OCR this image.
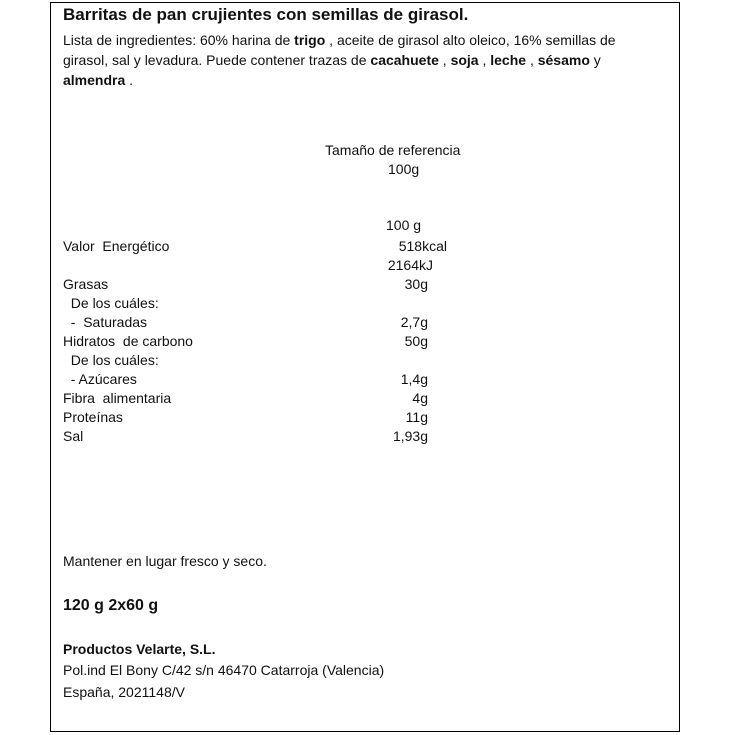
Barritas de pan crujientes con semillas de girasol.
Lista de ingredientes: 60% harina de trigo , aceite de girasol alto oleico, 16% semillas de girasol, sal y levadura. Puede contener trazas de cacahuete , soja , leche , sésamo y almendra .
Tamaño de referencia
100g
100 g
Valor  Energético	518kcal
2164kJ
Grasas	30g
De los cuáles:
-  Saturadas	2,7g
Hidratos  de carbono	50g
De los cuáles:
- Azúcares	1,4g
Fibra  alimentaria	4g
Proteínas	11g
Sal	1,93g
Mantener en lugar fresco y seco.
120 g 2x60 g
Productos Velarte, S.L.
Pol.ind El Bony C/42 s/n 46470 Catarroja (Valencia)
España, 2021148/V
